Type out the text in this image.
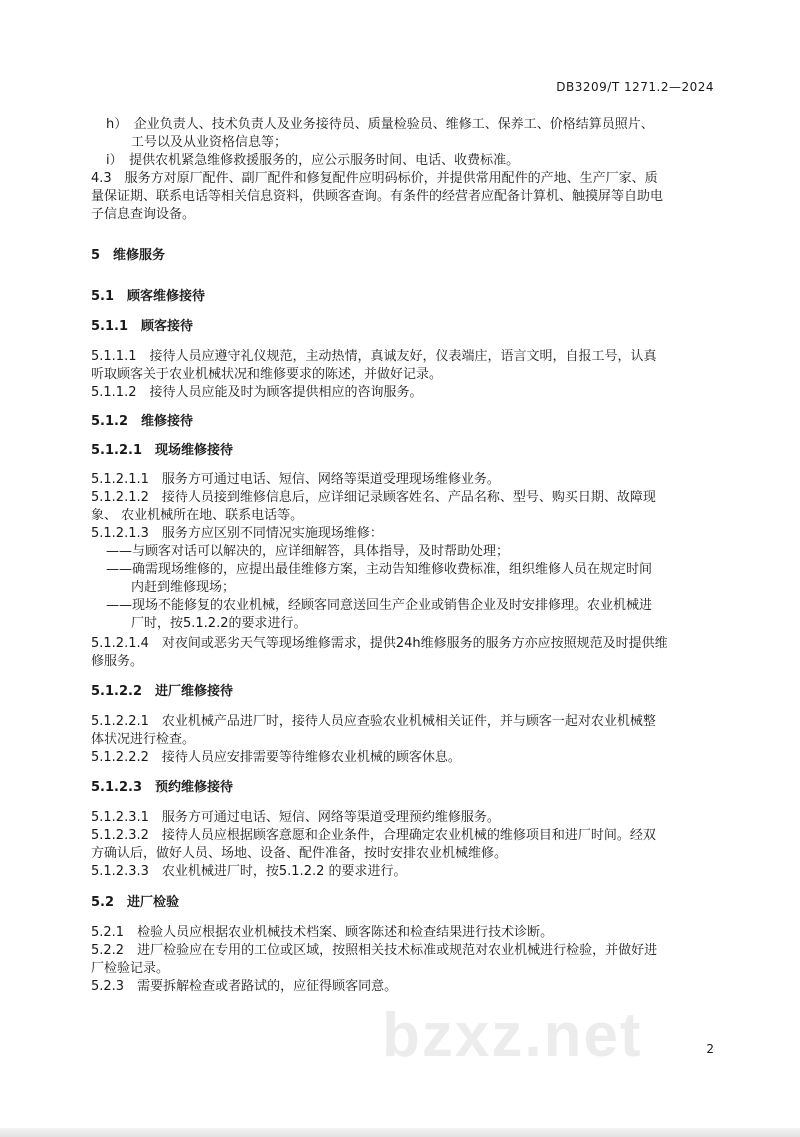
DB3209/T 1271.2—2024
h）　企业负责人、技术负责人及业务接待员、质量检验员、维修工、保养工、价格结算员照片、
工号以及从业资格信息等；
i）　提供农机紧急维修救援服务的，应公示服务时间、电话、收费标准。
4.3　服务方对原厂配件、副厂配件和修复配件应明码标价，并提供常用配件的产地、生产厂家、质
量保证期、联系电话等相关信息资料，供顾客查询。有条件的经营者应配备计算机、触摸屏等自助电
子信息查询设备。
5　维修服务
5.1　顾客维修接待
5.1.1　顾客接待
5.1.1.1　接待人员应遵守礼仪规范，主动热情，真诚友好，仪表端庄，语言文明，自报工号，认真
听取顾客关于农业机械状况和维修要求的陈述，并做好记录。
5.1.1.2　接待人员应能及时为顾客提供相应的咨询服务。
5.1.2　维修接待
5.1.2.1　现场维修接待
5.1.2.1.1　服务方可通过电话、短信、网络等渠道受理现场维修业务。
5.1.2.1.2　接待人员接到维修信息后，应详细记录顾客姓名、产品名称、型号、购买日期、故障现
象、 农业机械所在地、联系电话等。
5.1.2.1.3　服务方应区别不同情况实施现场维修：
——与顾客对话可以解决的，应详细解答，具体指导，及时帮助处理；
——确需现场维修的，应提出最佳维修方案，主动告知维修收费标准，组织维修人员在规定时间
内赶到维修现场；
——现场不能修复的农业机械，经顾客同意送回生产企业或销售企业及时安排修理。农业机械进
厂时，按5.1.2.2的要求进行。
5.1.2.1.4　对夜间或恶劣天气等现场维修需求，提供24h维修服务的服务方亦应按照规范及时提供维
修服务。
5.1.2.2　进厂维修接待
5.1.2.2.1　农业机械产品进厂时，接待人员应查验农业机械相关证件，并与顾客一起对农业机械整
体状况进行检查。
5.1.2.2.2　接待人员应安排需要等待维修农业机械的顾客休息。
5.1.2.3　预约维修接待
5.1.2.3.1　服务方可通过电话、短信、网络等渠道受理预约维修服务。
5.1.2.3.2　接待人员应根据顾客意愿和企业条件，合理确定农业机械的维修项目和进厂时间。经双
方确认后，做好人员、场地、设备、配件准备，按时安排农业机械维修。
5.1.2.3.3　农业机械进厂时，按5.1.2.2 的要求进行。
5.2　进厂检验
5.2.1　检验人员应根据农业机械技术档案、顾客陈述和检查结果进行技术诊断。
5.2.2　进厂检验应在专用的工位或区域，按照相关技术标准或规范对农业机械进行检验，并做好进
厂检验记录。
5.2.3　需要拆解检查或者路试的，应征得顾客同意。
bzxz.net	2
